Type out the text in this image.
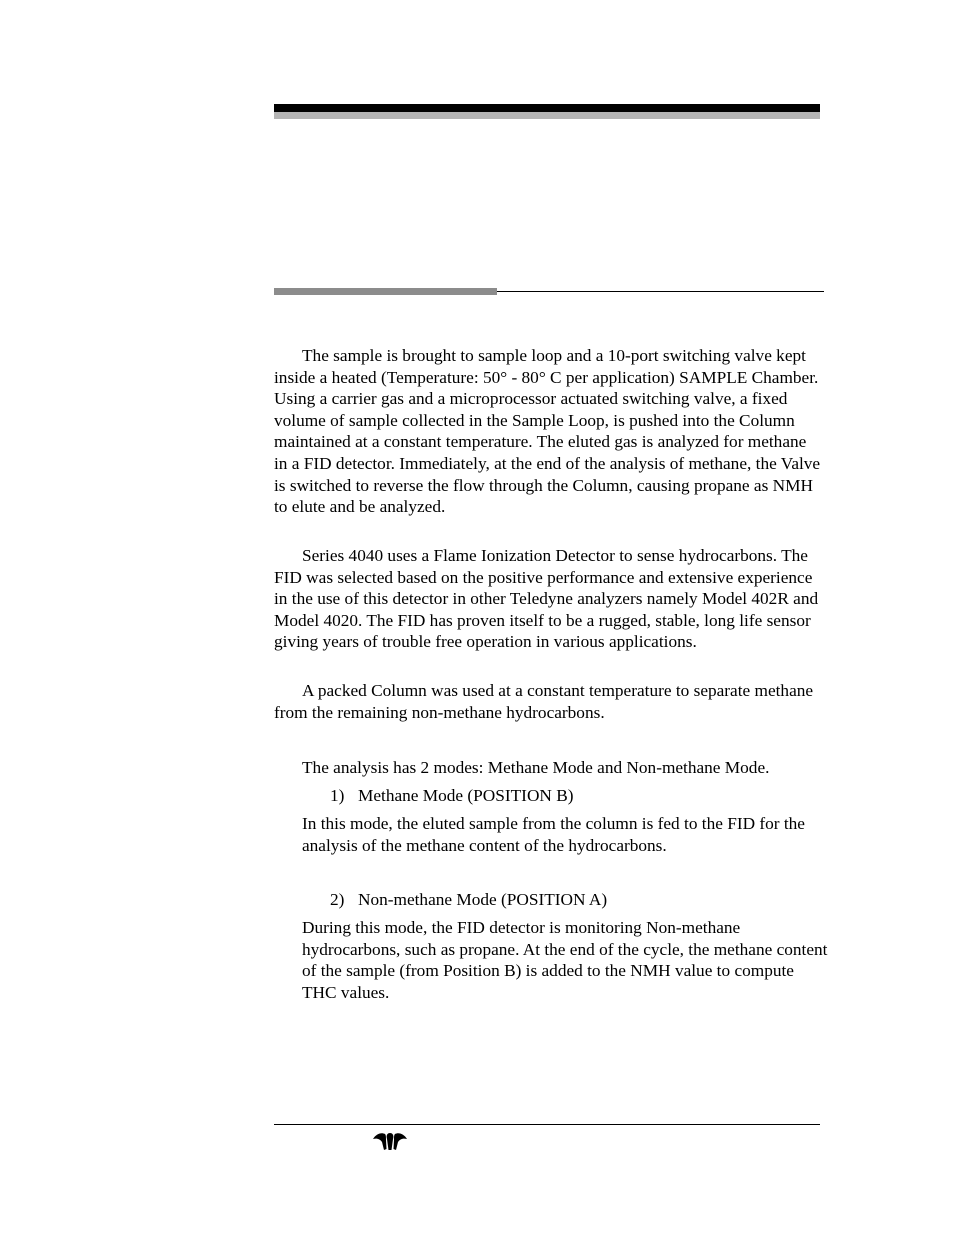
The sample is brought to sample loop and a 10-port switching valve kept inside a heated (Temperature: 50° - 80° C per application) SAMPLE Chamber. Using a carrier gas and a microprocessor actuated switching valve, a fixed volume of sample collected in the Sample Loop, is pushed into the Column maintained at a constant temperature. The eluted gas is analyzed for methane in a FID detector. Immediately, at the end of the analysis of methane, the Valve is switched to reverse the flow through the Column, causing propane as NMH to elute and be analyzed.

Series 4040 uses a Flame Ionization Detector to sense hydrocarbons. The FID was selected based on the positive performance and extensive experience in the use of this detector in other Teledyne analyzers namely Model 402R and Model 4020. The FID has proven itself to be a rugged, stable, long life sensor giving years of trouble free operation in various applications.

A packed Column was used at a constant temperature to separate methane from the remaining non-methane hydrocarbons.

The analysis has 2 modes: Methane Mode and Non-methane Mode.

1) Methane Mode (POSITION B)

In this mode, the eluted sample from the column is fed to the FID for the analysis of the methane content of the hydrocarbons.

2) Non-methane Mode (POSITION A)

During this mode, the FID detector is monitoring Non-methane hydrocarbons, such as propane. At the end of the cycle, the methane content of the sample (from Position B) is added to the NMH value to compute THC values.
